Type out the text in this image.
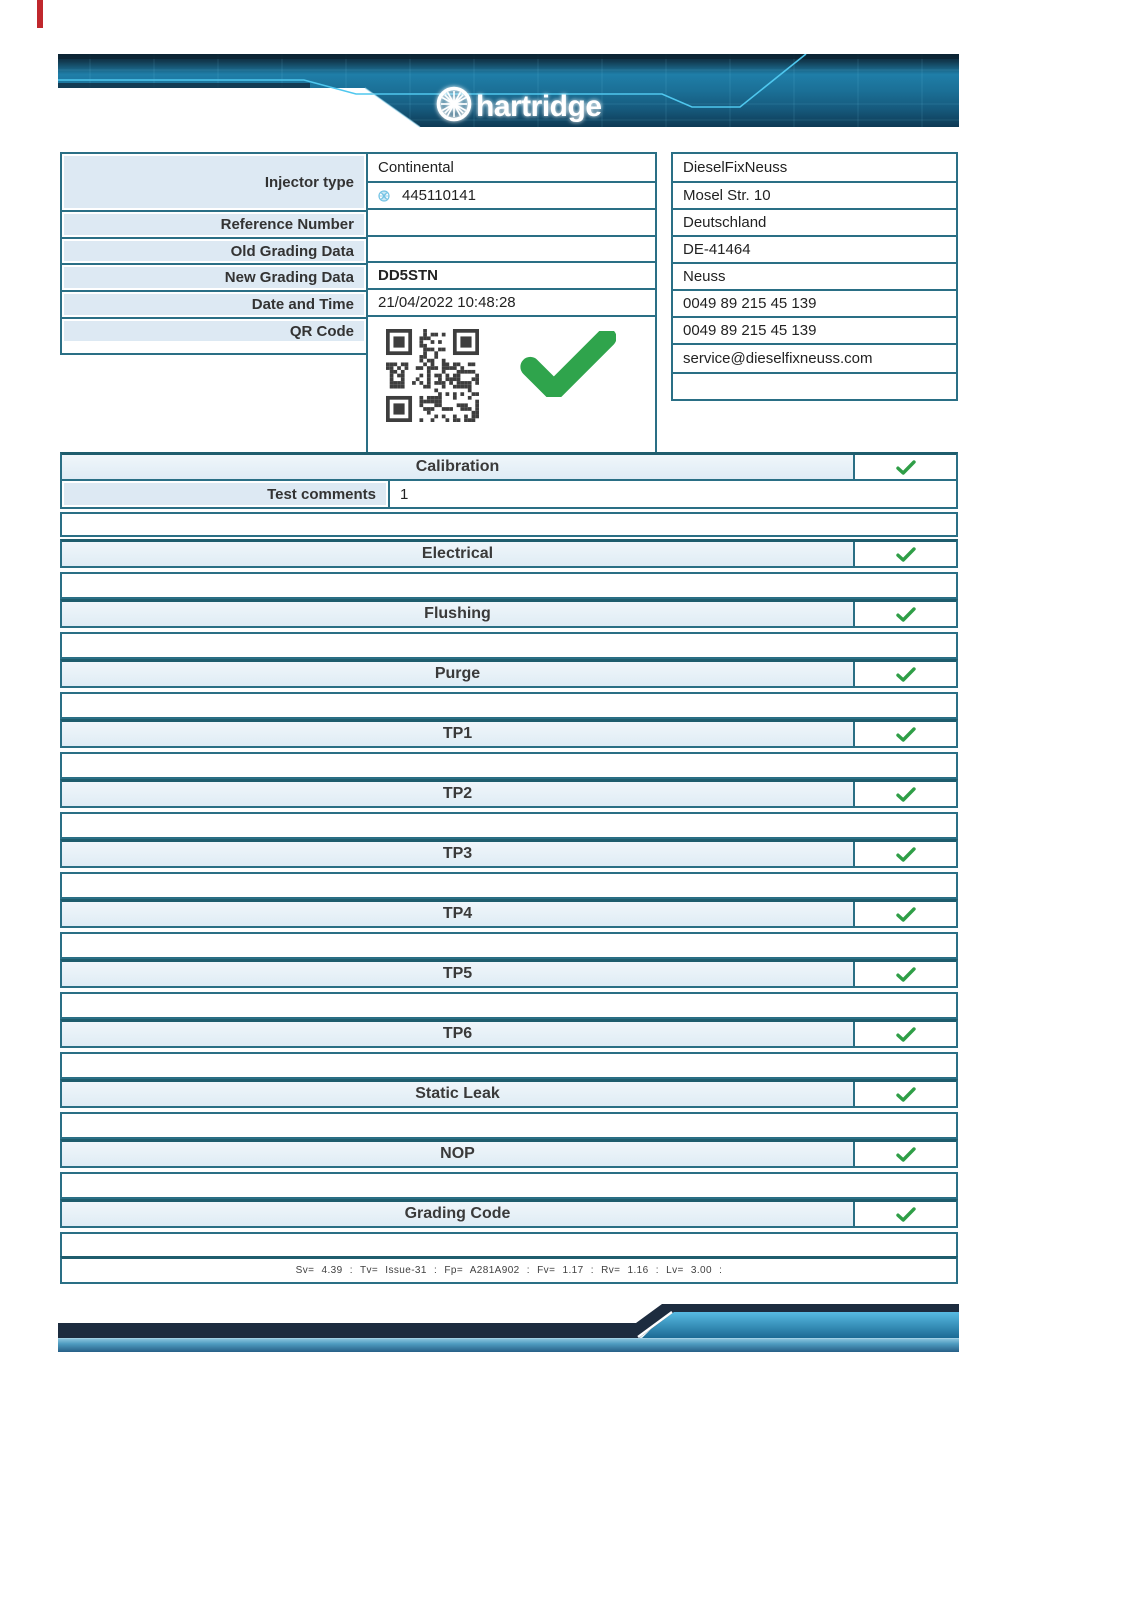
hartridge
Injector type
Reference Number
Old Grading Data
New Grading Data
Date and Time
QR Code
Continental
445110141
DD5STN
21/04/2022 10:48:28
DieselFixNeuss
Mosel Str. 10
Deutschland
DE-41464
Neuss
0049 89 215 45 139
0049 89 215 45 139
service@dieselfixneuss.com
Calibration
Test comments	1
Electrical
Flushing
Purge
TP1
TP2
TP3
TP4
TP5
TP6
Static Leak
NOP
Grading Code
Sv= 4.39 : Tv= Issue-31 : Fp= A281A902 : Fv= 1.17 : Rv= 1.16 : Lv= 3.00 :
